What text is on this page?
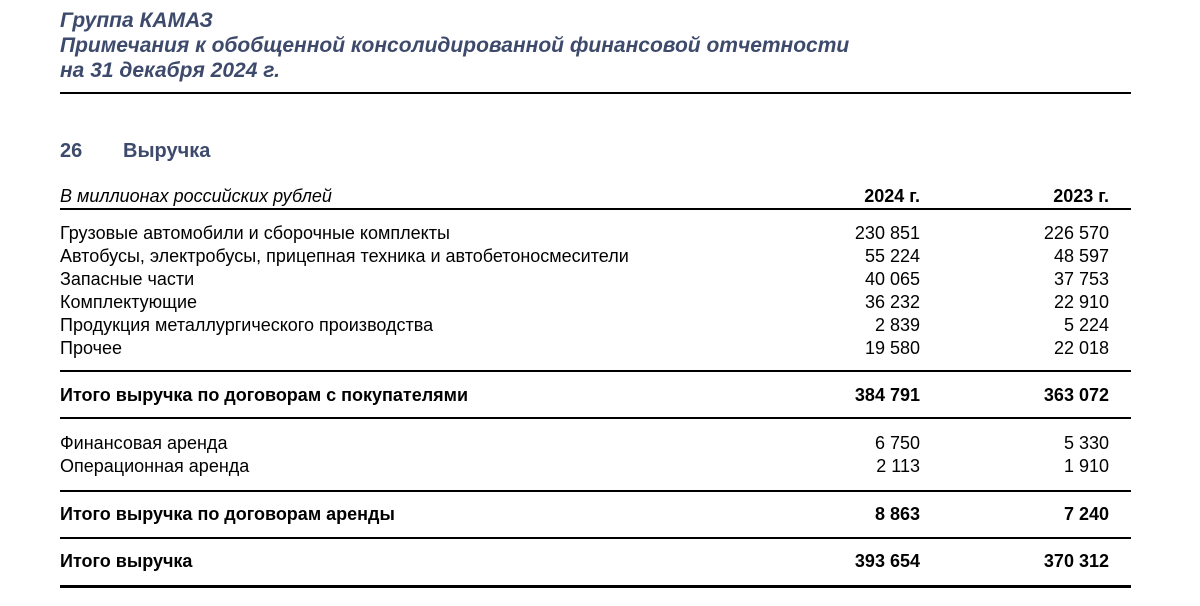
Группа КАМАЗ
Примечания к обобщенной консолидированной финансовой отчетности
на 31 декабря 2024 г.
26 Выручка
В миллионах российских рублей	2024 г.	2023 г.
Грузовые автомобили и сборочные комплекты	230 851	226 570
Автобусы, электробусы, прицепная техника и автобетоносмесители	55 224	48 597
Запасные части	40 065	37 753
Комплектующие	36 232	22 910
Продукция металлургического производства	2 839	5 224
Прочее	19 580	22 018
Итого выручка по договорам с покупателями	384 791	363 072
Финансовая аренда	6 750	5 330
Операционная аренда	2 113	1 910
Итого выручка по договорам аренды	8 863	7 240
Итого выручка	393 654	370 312
